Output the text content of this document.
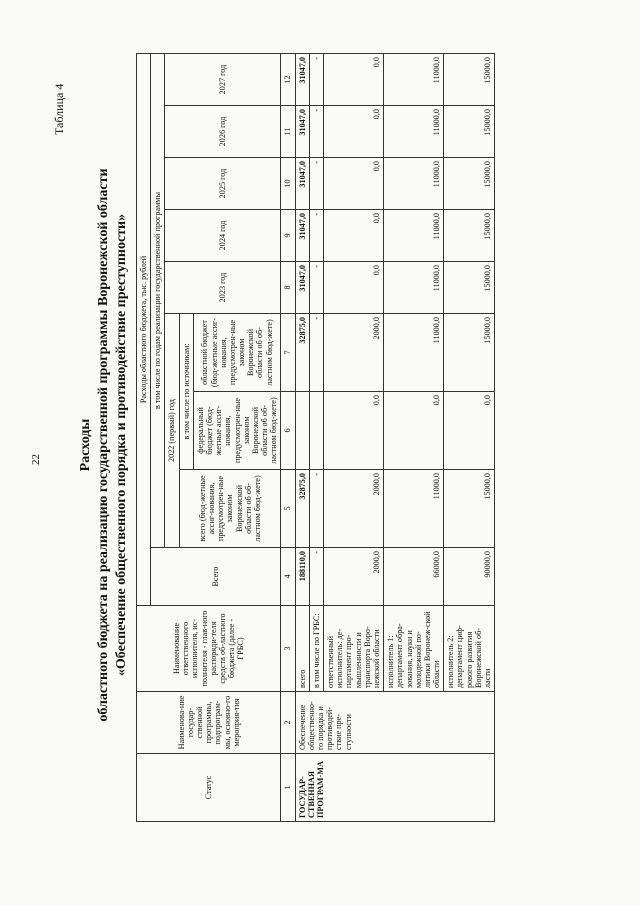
22
Таблица 4
Расходы областного бюджета на реализацию государственной программы Воронежской области «Обеспечение общественного порядка и противодействие преступности»
Статус	Наименова-ние государ-ственной программы, подпрограм-мы, основно-го мероприя-тия	Наименование ответственного исполнителя, ис-полнителя - глав-ного распоряди-теля средств об-ластного бюджета (далее - ГРБС)	Расходы областного бюджета, тыс. рублей								
			Всего	в том числе по годам реализации государственной программы							
				2022 (первый) год			2023 год	2024 год	2025 год	2026 год	2027 год
				всего (бюд-жетные ассиг-нования, предусмотрен-ные законом Воронежской области об об-ластном бюд-жете)	в том числе по источникам:						
					федеральный бюджет (бюд-жетные ассиг-нования, предусмотрен-ные законом Воронежской области об об-ластном бюд-жете)	областной бюджет (бюд-жетные ассиг-нования, предусмотрен-ные законом Воронежской области об об-ластном бюд-жете)					
1	2	3	4	5	6	7	8	9	10	11	12
ГОСУДАР-СТВЕННАЯ ПРОГРАМ-МА	Обеспечение общественно-го порядка и противодей-ствие пре-ступности	всего	188110,0	32875,0		32875,0	31047,0	31047,0	31047,0	31047,0	31047,0
		в том числе по ГРБС:	-	-		-	-	-	-	-	-
		ответственный исполнитель: де-партамент про-мышленности и транспорта Воро-нежской области	2000,0	2000,0	0,0	2000,0	0,0	0,0	0,0	0,0	0,0
		исполнитель 1: департамент обра-зования, науки и молодежной по-литики Воронеж-ской области	66000,0	11000,0	0,0	11000,0	11000,0	11000,0	11000,0	11000,0	11000,0
		исполнитель 2: департамент циф-рового развития Воронежской об-ласти	90000,0	15000,0	0,0	15000,0	15000,0	15000,0	15000,0	15000,0	15000,0
